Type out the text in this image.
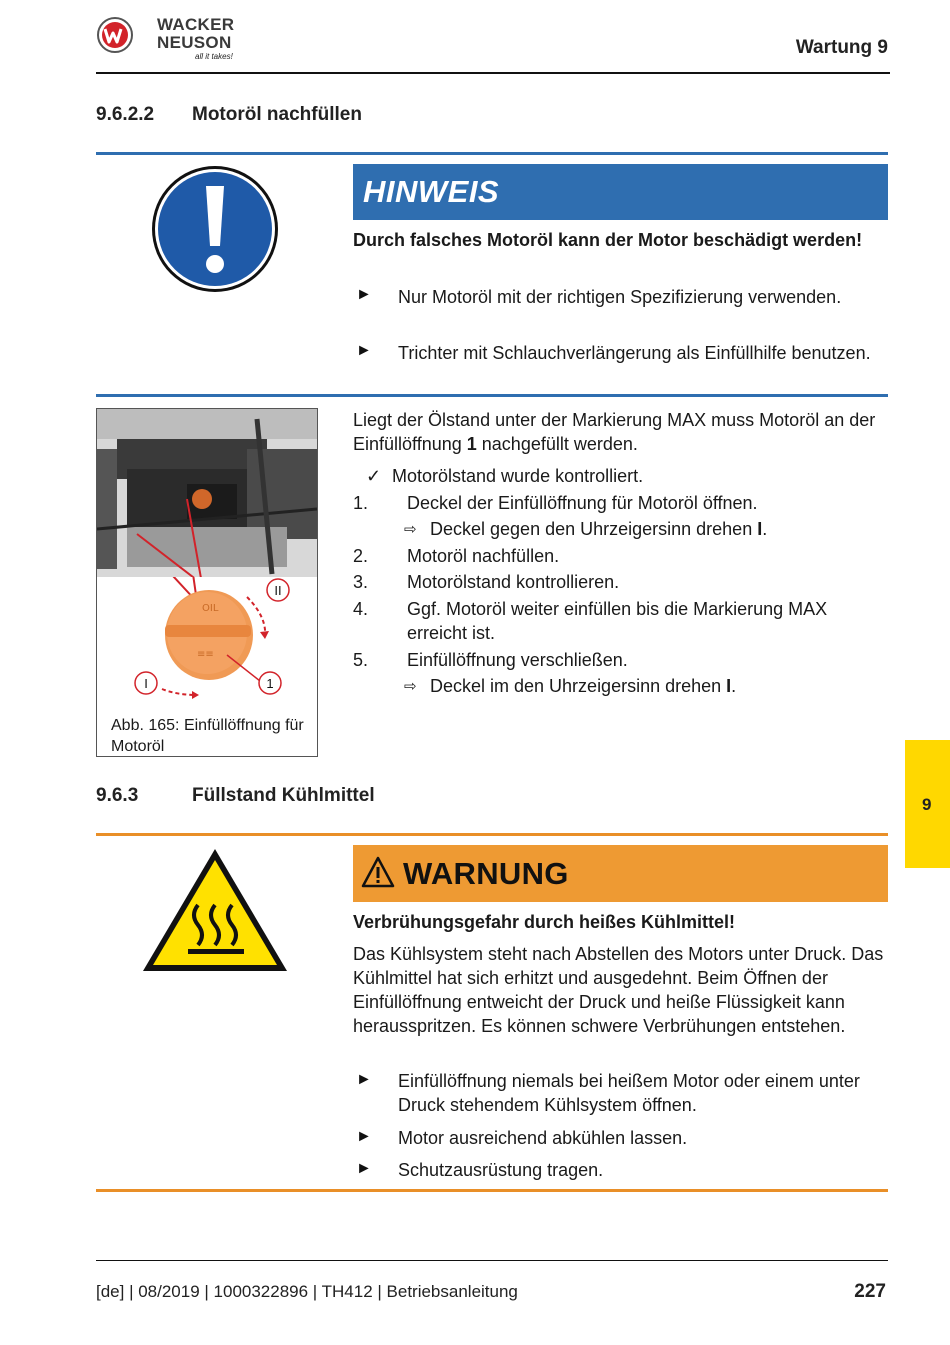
WACKER
NEUSON
all it takes!	Wartung 9
9.6.2.2 Motoröl nachfüllen
HINWEIS
Durch falsches Motoröl kann der Motor beschädigt werden!
► Nur Motoröl mit der richtigen Spezifizierung verwenden.
► Trichter mit Schlauchverlängerung als Einfüllhilfe benutzen.
OIL
≡≡
II
I	1
Abb. 165: Einfüllöffnung für Motoröl
Liegt der Ölstand unter der Markierung MAX muss Motoröl an der Einfüllöffnung 1 nachgefüllt werden.
✓ Motorölstand wurde kontrolliert.
1. Deckel der Einfüllöffnung für Motoröl öffnen.
⇨ Deckel gegen den Uhrzeigersinn drehen I.
2. Motoröl nachfüllen.
3. Motorölstand kontrollieren.
4. Ggf. Motoröl weiter einfüllen bis die Markierung MAX erreicht ist.
5. Einfüllöffnung verschließen.
⇨ Deckel im den Uhrzeigersinn drehen I.
9.6.3	Füllstand Kühlmittel
WARNUNG
Verbrühungsgefahr durch heißes Kühlmittel!
Das Kühlsystem steht nach Abstellen des Motors unter Druck. Das Kühlmittel hat sich erhitzt und ausgedehnt. Beim Öffnen der Einfüllöffnung entweicht der Druck und heiße Flüssigkeit kann herausspritzen. Es können schwere Verbrühungen entstehen.
► Einfüllöffnung niemals bei heißem Motor oder einem unter Druck stehendem Kühlsystem öffnen.
► Motor ausreichend abkühlen lassen.
► Schutzausrüstung tragen.
9
[de] | 08/2019 | 1000322896 | TH412 | Betriebsanleitung	227
